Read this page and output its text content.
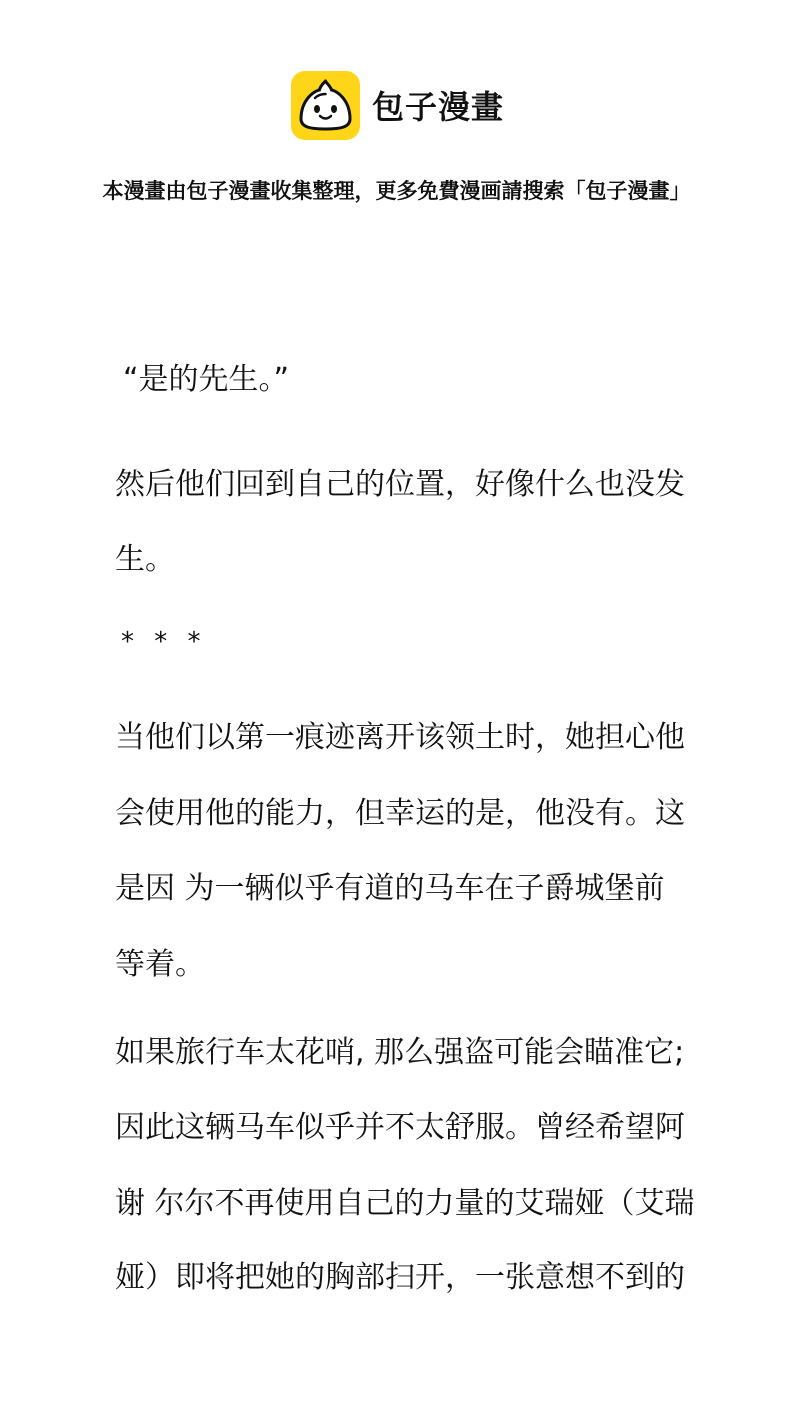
包子漫畫
本漫畫由包子漫畫收集整理，更多免費漫画請搜索「包子漫畫」
“是的先生。”
然后他们回到自己的位置，好像什么也没发
生。
* * *
当他们以第一痕迹离开该领土时，她担心他
会使用他的能力，但幸运的是，他没有。这
是因 为一辆似乎有道的马车在子爵城堡前
等着。
如果旅行车太花哨, 那么强盗可能会瞄准它;
因此这辆马车似乎并不太舒服。曾经希望阿
谢 尔尔不再使用自己的力量的艾瑞娅（艾瑞
娅）即将把她的胸部扫开，一张意想不到的
